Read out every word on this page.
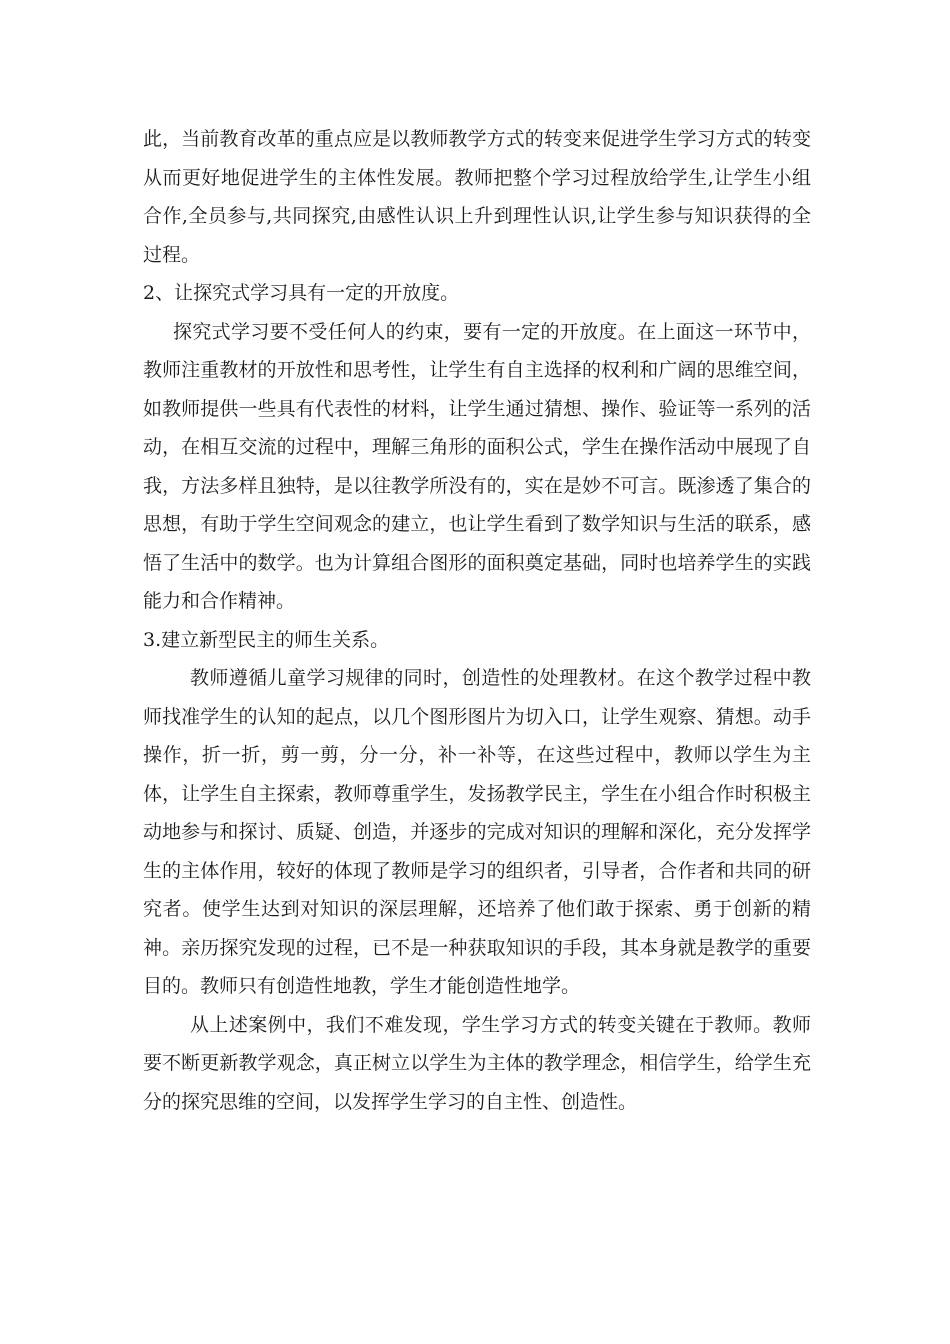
此，当前教育改革的重点应是以教师教学方式的转变来促进学生学习方式的转变从而更好地促进学生的主体性发展。教师把整个学习过程放给学生,让学生小组合作,全员参与,共同探究,由感性认识上升到理性认识,让学生参与知识获得的全过程。

2、让探究式学习具有一定的开放度。

探究式学习要不受任何人的约束，要有一定的开放度。在上面这一环节中，教师注重教材的开放性和思考性，让学生有自主选择的权利和广阔的思维空间，如教师提供一些具有代表性的材料，让学生通过猜想、操作、验证等一系列的活动，在相互交流的过程中，理解三角形的面积公式，学生在操作活动中展现了自我，方法多样且独特，是以往教学所没有的，实在是妙不可言。既渗透了集合的思想，有助于学生空间观念的建立，也让学生看到了数学知识与生活的联系，感悟了生活中的数学。也为计算组合图形的面积奠定基础，同时也培养学生的实践能力和合作精神。

3.建立新型民主的师生关系。

教师遵循儿童学习规律的同时，创造性的处理教材。在这个教学过程中教师找准学生的认知的起点，以几个图形图片为切入口，让学生观察、猜想。动手操作，折一折，剪一剪，分一分，补一补等，在这些过程中，教师以学生为主体，让学生自主探索，教师尊重学生，发扬教学民主，学生在小组合作时积极主动地参与和探讨、质疑、创造，并逐步的完成对知识的理解和深化，充分发挥学生的主体作用，较好的体现了教师是学习的组织者，引导者，合作者和共同的研究者。使学生达到对知识的深层理解，还培养了他们敢于探索、勇于创新的精神。亲历探究发现的过程，已不是一种获取知识的手段，其本身就是教学的重要目的。教师只有创造性地教，学生才能创造性地学。

从上述案例中，我们不难发现，学生学习方式的转变关键在于教师。教师要不断更新教学观念，真正树立以学生为主体的教学理念，相信学生，给学生充分的探究思维的空间，以发挥学生学习的自主性、创造性。
